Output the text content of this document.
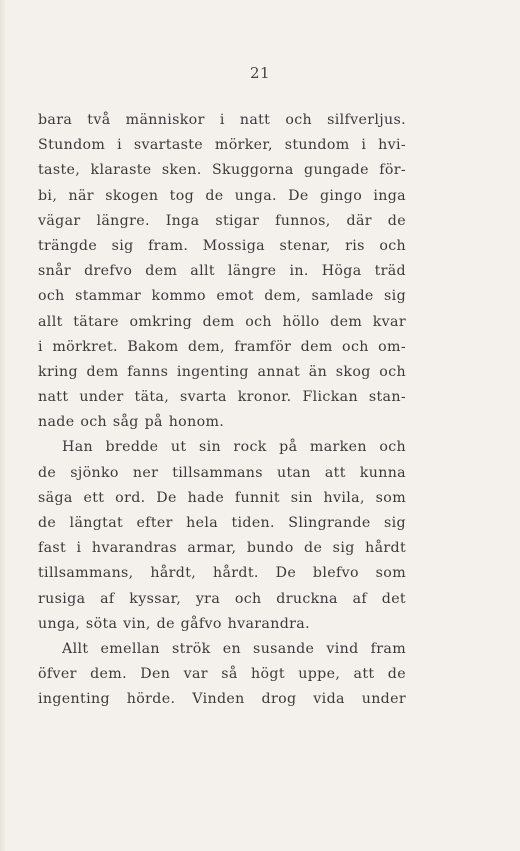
21
bara två människor i natt och silfverljus.
Stundom i svartaste mörker, stundom i hvi-
taste, klaraste sken. Skuggorna gungade för-
bi, när skogen tog de unga. De gingo inga
vägar längre. Inga stigar funnos, där de
trängde sig fram. Mossiga stenar, ris och
snår drefvo dem allt längre in. Höga träd
och stammar kommo emot dem, samlade sig
allt tätare omkring dem och höllo dem kvar
i mörkret. Bakom dem, framför dem och om-
kring dem fanns ingenting annat än skog och
natt under täta, svarta kronor. Flickan stan-
nade och såg på honom.
Han bredde ut sin rock på marken och
de sjönko ner tillsammans utan att kunna
säga ett ord. De hade funnit sin hvila, som
de längtat efter hela tiden. Slingrande sig
fast i hvarandras armar, bundo de sig hårdt
tillsammans, hårdt, hårdt. De blefvo som
rusiga af kyssar, yra och druckna af det
unga, söta vin, de gåfvo hvarandra.
Allt emellan strök en susande vind fram
öfver dem. Den var så högt uppe, att de
ingenting hörde. Vinden drog vida under
